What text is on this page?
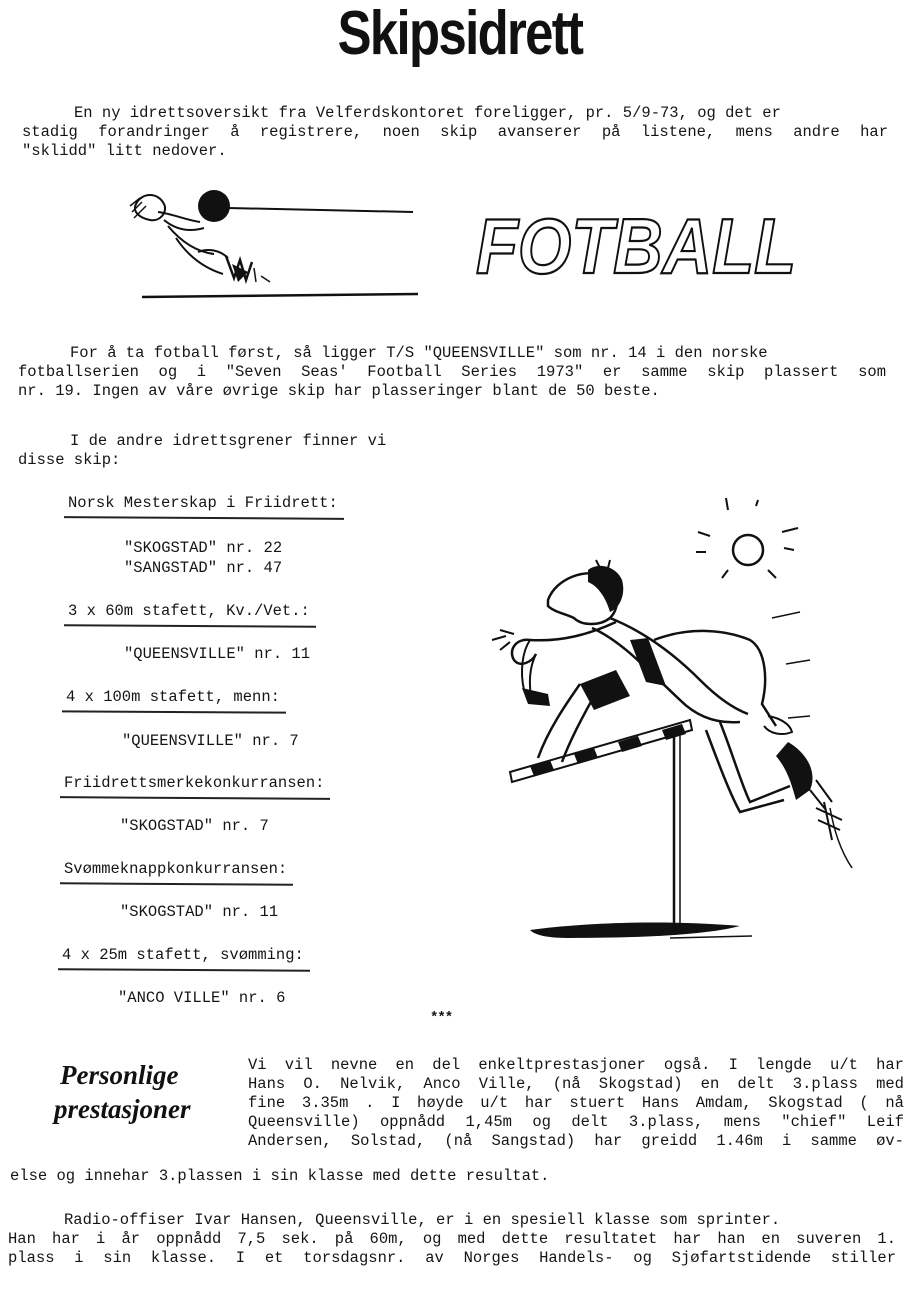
Skipsidrett

En ny idrettsoversikt fra Velferdskontoret foreligger, pr. 5/9-73, og det er

stadig forandringer å registrere, noen skip avanserer på listene, mens andre har

"sklidd" litt nedover.

FOTBALL

For å ta fotball først, så ligger T/S "QUEENSVILLE" som nr. 14 i den norske

fotballserien og i "Seven Seas' Football Series 1973" er samme skip plassert som

nr. 19. Ingen av våre øvrige skip har plasseringer blant de 50 beste.

I de andre idrettsgrener finner vi

disse skip:

Norsk Mesterskap i Friidrett:
"SKOGSTAD" nr. 22
"SANGSTAD" nr. 47
3 x 60m stafett, Kv./Vet.:
"QUEENSVILLE" nr. 11
4 x 100m stafett, menn:
"QUEENSVILLE" nr. 7
Friidrettsmerkekonkurransen:
"SKOGSTAD" nr. 7
Svømmeknappkonkurransen:
"SKOGSTAD" nr. 11
4 x 25m stafett, svømming:
"ANCO VILLE" nr. 6
***
Personlige
prestasjoner

Vi vil nevne en del enkeltprestasjoner også. I lengde u/t har

Hans O. Nelvik, Anco Ville, (nå Skogstad) en delt 3.plass med

fine 3.35m . I høyde u/t har stuert Hans Amdam, Skogstad ( nå

Queensville) oppnådd 1,45m og delt 3.plass, mens "chief" Leif

Andersen, Solstad, (nå Sangstad) har greidd 1.46m i samme øv-

else og innehar 3.plassen i sin klasse med dette resultat.

Radio-offiser Ivar Hansen, Queensville, er i en spesiell klasse som sprinter.

Han har i år oppnådd 7,5 sek. på 60m, og med dette resultatet har han en suveren 1.

plass i sin klasse. I et torsdagsnr. av Norges Handels- og Sjøfartstidende stiller
